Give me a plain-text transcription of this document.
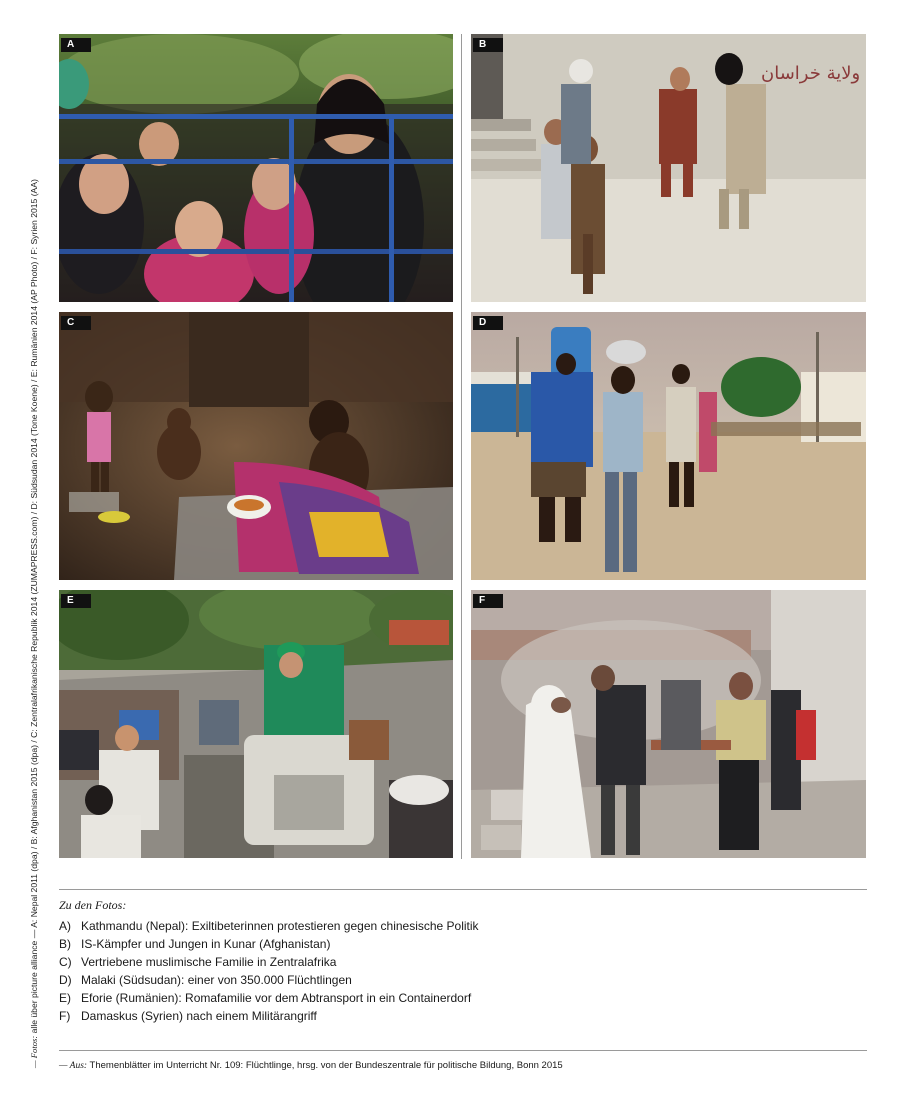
— Fotos: alle über picture alliance — A: Nepal 2011 (dpa) / B: Afghanistan 2015 (dpa) / C: Zentralafrikanische Republik 2014 (ZUMAPRESS.com) / D: Südsudan 2014 (Tone Koene) / E: Rumänien 2014 (AP Photo) / F: Syrien 2015 (AA)
A
ولاية خراسان
B
C	D
E	F
Zu den Fotos:
A) Kathmandu (Nepal): Exiltibeterinnen protestieren gegen chinesische Politik
B) IS-Kämpfer und Jungen in Kunar (Afghanistan)
C) Vertriebene muslimische Familie in Zentralafrika
D) Malaki (Südsudan): einer von 350.000 Flüchtlingen
E) Eforie (Rumänien): Romafamilie vor dem Abtransport in ein Containerdorf
F) Damaskus (Syrien) nach einem Militärangriff
— Aus: Themenblätter im Unterricht Nr. 109: Flüchtlinge, hrsg. von der Bundeszentrale für politische Bildung, Bonn 2015
